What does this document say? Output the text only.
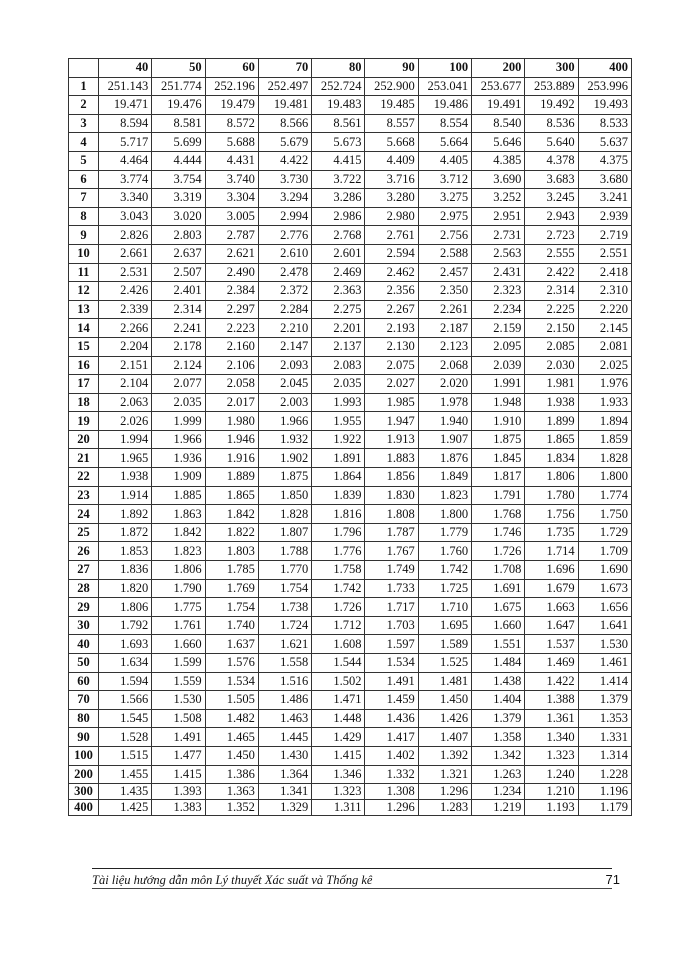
	40	50	60	70	80	90	100	200	300	400
1	251.143	251.774	252.196	252.497	252.724	252.900	253.041	253.677	253.889	253.996
2	19.471	19.476	19.479	19.481	19.483	19.485	19.486	19.491	19.492	19.493
3	8.594	8.581	8.572	8.566	8.561	8.557	8.554	8.540	8.536	8.533
4	5.717	5.699	5.688	5.679	5.673	5.668	5.664	5.646	5.640	5.637
5	4.464	4.444	4.431	4.422	4.415	4.409	4.405	4.385	4.378	4.375
6	3.774	3.754	3.740	3.730	3.722	3.716	3.712	3.690	3.683	3.680
7	3.340	3.319	3.304	3.294	3.286	3.280	3.275	3.252	3.245	3.241
8	3.043	3.020	3.005	2.994	2.986	2.980	2.975	2.951	2.943	2.939
9	2.826	2.803	2.787	2.776	2.768	2.761	2.756	2.731	2.723	2.719
10	2.661	2.637	2.621	2.610	2.601	2.594	2.588	2.563	2.555	2.551
11	2.531	2.507	2.490	2.478	2.469	2.462	2.457	2.431	2.422	2.418
12	2.426	2.401	2.384	2.372	2.363	2.356	2.350	2.323	2.314	2.310
13	2.339	2.314	2.297	2.284	2.275	2.267	2.261	2.234	2.225	2.220
14	2.266	2.241	2.223	2.210	2.201	2.193	2.187	2.159	2.150	2.145
15	2.204	2.178	2.160	2.147	2.137	2.130	2.123	2.095	2.085	2.081
16	2.151	2.124	2.106	2.093	2.083	2.075	2.068	2.039	2.030	2.025
17	2.104	2.077	2.058	2.045	2.035	2.027	2.020	1.991	1.981	1.976
18	2.063	2.035	2.017	2.003	1.993	1.985	1.978	1.948	1.938	1.933
19	2.026	1.999	1.980	1.966	1.955	1.947	1.940	1.910	1.899	1.894
20	1.994	1.966	1.946	1.932	1.922	1.913	1.907	1.875	1.865	1.859
21	1.965	1.936	1.916	1.902	1.891	1.883	1.876	1.845	1.834	1.828
22	1.938	1.909	1.889	1.875	1.864	1.856	1.849	1.817	1.806	1.800
23	1.914	1.885	1.865	1.850	1.839	1.830	1.823	1.791	1.780	1.774
24	1.892	1.863	1.842	1.828	1.816	1.808	1.800	1.768	1.756	1.750
25	1.872	1.842	1.822	1.807	1.796	1.787	1.779	1.746	1.735	1.729
26	1.853	1.823	1.803	1.788	1.776	1.767	1.760	1.726	1.714	1.709
27	1.836	1.806	1.785	1.770	1.758	1.749	1.742	1.708	1.696	1.690
28	1.820	1.790	1.769	1.754	1.742	1.733	1.725	1.691	1.679	1.673
29	1.806	1.775	1.754	1.738	1.726	1.717	1.710	1.675	1.663	1.656
30	1.792	1.761	1.740	1.724	1.712	1.703	1.695	1.660	1.647	1.641
40	1.693	1.660	1.637	1.621	1.608	1.597	1.589	1.551	1.537	1.530
50	1.634	1.599	1.576	1.558	1.544	1.534	1.525	1.484	1.469	1.461
60	1.594	1.559	1.534	1.516	1.502	1.491	1.481	1.438	1.422	1.414
70	1.566	1.530	1.505	1.486	1.471	1.459	1.450	1.404	1.388	1.379
80	1.545	1.508	1.482	1.463	1.448	1.436	1.426	1.379	1.361	1.353
90	1.528	1.491	1.465	1.445	1.429	1.417	1.407	1.358	1.340	1.331
100	1.515	1.477	1.450	1.430	1.415	1.402	1.392	1.342	1.323	1.314
200	1.455	1.415	1.386	1.364	1.346	1.332	1.321	1.263	1.240	1.228
300	1.435	1.393	1.363	1.341	1.323	1.308	1.296	1.234	1.210	1.196
400	1.425	1.383	1.352	1.329	1.311	1.296	1.283	1.219	1.193	1.179
Tài liệu hướng dẫn môn Lý thuyết Xác suất và Thống kê	71
